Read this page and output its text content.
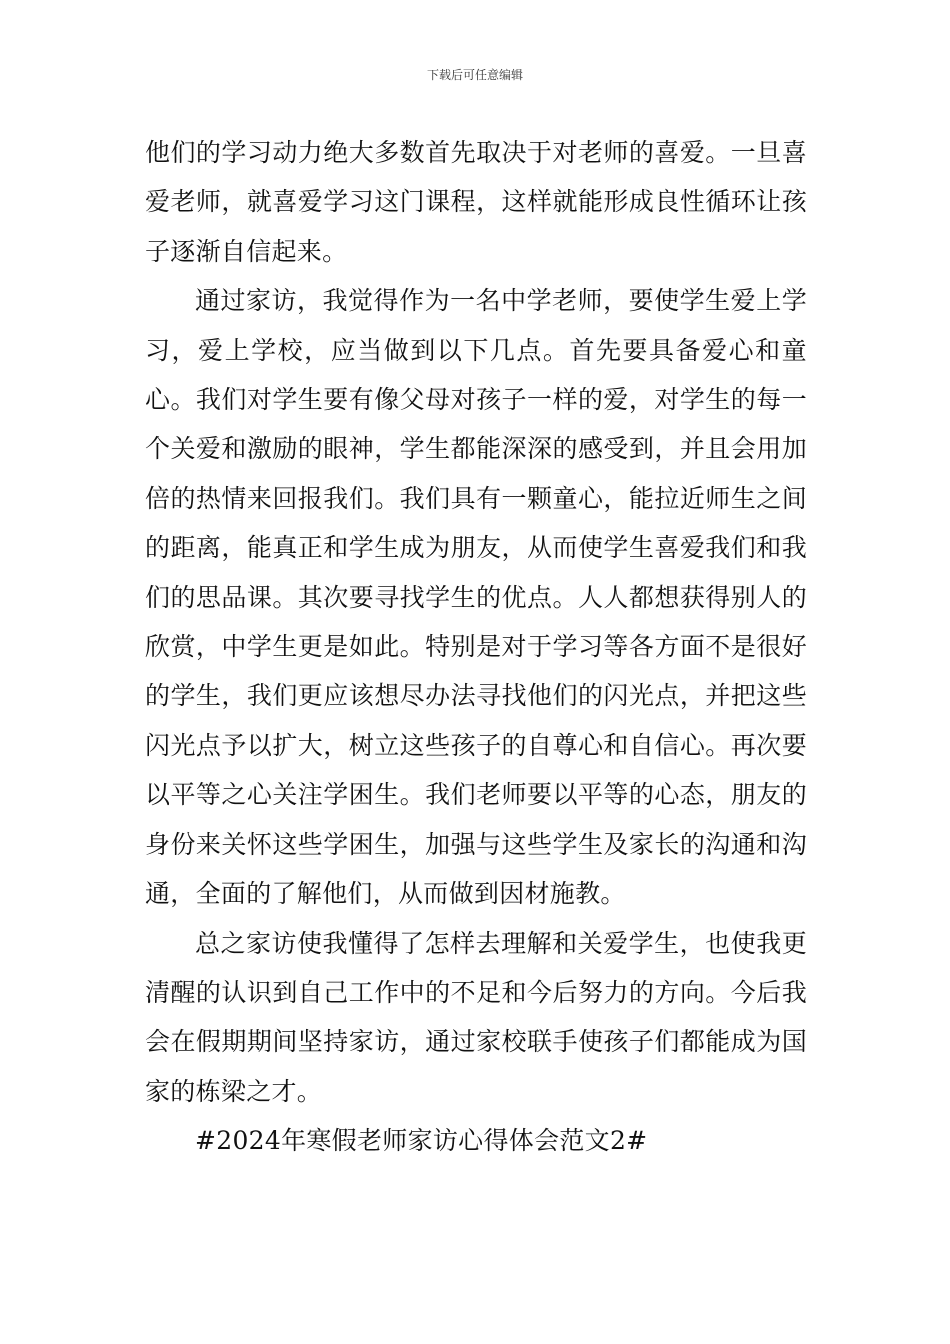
下载后可任意编辑

他们的学习动力绝大多数首先取决于对老师的喜爱。一旦喜爱老师，就喜爱学习这门课程，这样就能形成良性循环让孩子逐渐自信起来。

通过家访，我觉得作为一名中学老师，要使学生爱上学习，爱上学校，应当做到以下几点。首先要具备爱心和童心。我们对学生要有像父母对孩子一样的爱，对学生的每一个关爱和激励的眼神，学生都能深深的感受到，并且会用加倍的热情来回报我们。我们具有一颗童心，能拉近师生之间的距离，能真正和学生成为朋友，从而使学生喜爱我们和我们的思品课。其次要寻找学生的优点。人人都想获得别人的欣赏，中学生更是如此。特别是对于学习等各方面不是很好的学生，我们更应该想尽办法寻找他们的闪光点，并把这些闪光点予以扩大，树立这些孩子的自尊心和自信心。再次要以平等之心关注学困生。我们老师要以平等的心态，朋友的身份来关怀这些学困生，加强与这些学生及家长的沟通和沟通，全面的了解他们，从而做到因材施教。

总之家访使我懂得了怎样去理解和关爱学生，也使我更清醒的认识到自己工作中的不足和今后努力的方向。今后我会在假期期间坚持家访，通过家校联手使孩子们都能成为国家的栋梁之才。

#2024年寒假老师家访心得体会范文2#
